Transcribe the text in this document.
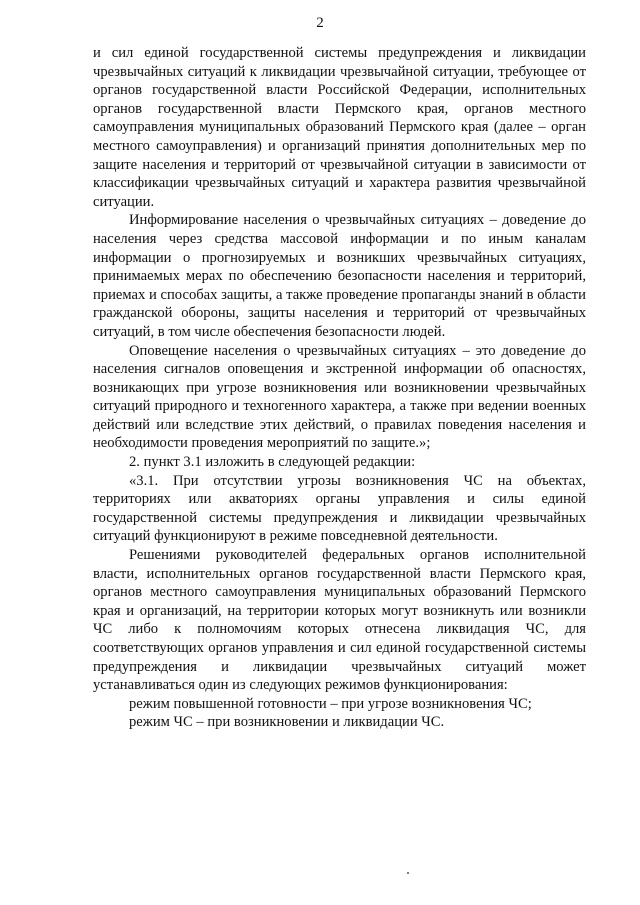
2

и сил единой государственной системы предупреждения и ликвидации чрезвычайных ситуаций к ликвидации чрезвычайной ситуации, требующее от органов государственной власти Российской Федерации, исполнительных органов государственной власти Пермского края, органов местного самоуправления муниципальных образований Пермского края (далее – орган местного самоуправления) и организаций принятия дополнительных мер по защите населения и территорий от чрезвычайной ситуации в зависимости от классификации чрезвычайных ситуаций и характера развития чрезвычайной ситуации.

Информирование населения о чрезвычайных ситуациях – доведение до населения через средства массовой информации и по иным каналам информации о прогнозируемых и возникших чрезвычайных ситуациях, принимаемых мерах по обеспечению безопасности населения и территорий, приемах и способах защиты, а также проведение пропаганды знаний в области гражданской обороны, защиты населения и территорий от чрезвычайных ситуаций, в том числе обеспечения безопасности людей.

Оповещение населения о чрезвычайных ситуациях – это доведение до населения сигналов оповещения и экстренной информации об опасностях, возникающих при угрозе возникновения или возникновении чрезвычайных ситуаций природного и техногенного характера, а также при ведении военных действий или вследствие этих действий, о правилах поведения населения и необходимости проведения мероприятий по защите.»;

2. пункт 3.1 изложить в следующей редакции:

«3.1. При отсутствии угрозы возникновения ЧС на объектах, территориях или акваториях органы управления и силы единой государственной системы предупреждения и ликвидации чрезвычайных ситуаций функционируют в режиме повседневной деятельности.

Решениями руководителей федеральных органов исполнительной власти, исполнительных органов государственной власти Пермского края, органов местного самоуправления муниципальных образований Пермского края и организаций, на территории которых могут возникнуть или возникли ЧС либо к полномочиям которых отнесена ликвидация ЧС, для соответствующих органов управления и сил единой государственной системы предупреждения и ликвидации чрезвычайных ситуаций может устанавливаться один из следующих режимов функционирования:

режим повышенной готовности – при угрозе возникновения ЧС;

режим ЧС – при возникновении и ликвидации ЧС.
